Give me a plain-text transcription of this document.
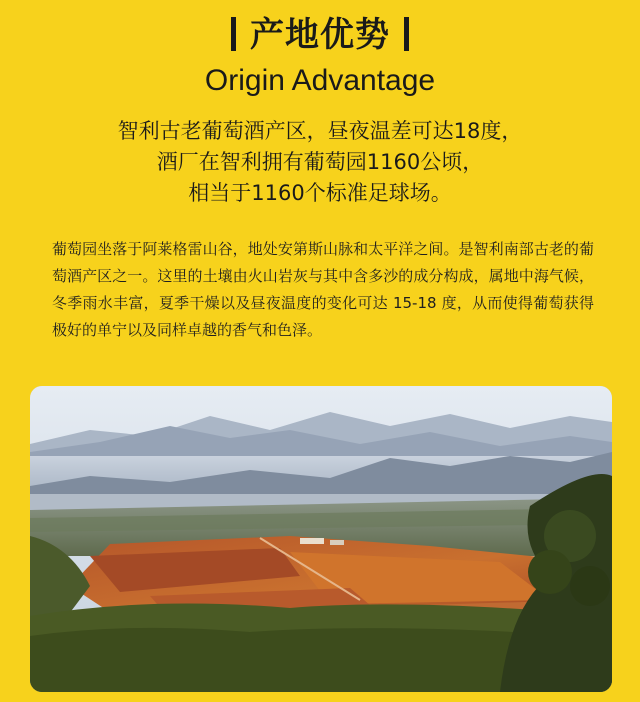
产地优势
Origin Advantage
智利古老葡萄酒产区，昼夜温差可达18度，
酒厂在智利拥有葡萄园1160公顷，
相当于1160个标准足球场。
葡萄园坐落于阿莱格雷山谷，地处安第斯山脉和太平洋之间。是智利南部古老的葡萄酒产区之一。这里的土壤由火山岩灰与其中含多沙的成分构成，属地中海气候，冬季雨水丰富，夏季干燥以及昼夜温度的变化可达 15-18 度，从而使得葡萄获得极好的单宁以及同样卓越的香气和色泽。
